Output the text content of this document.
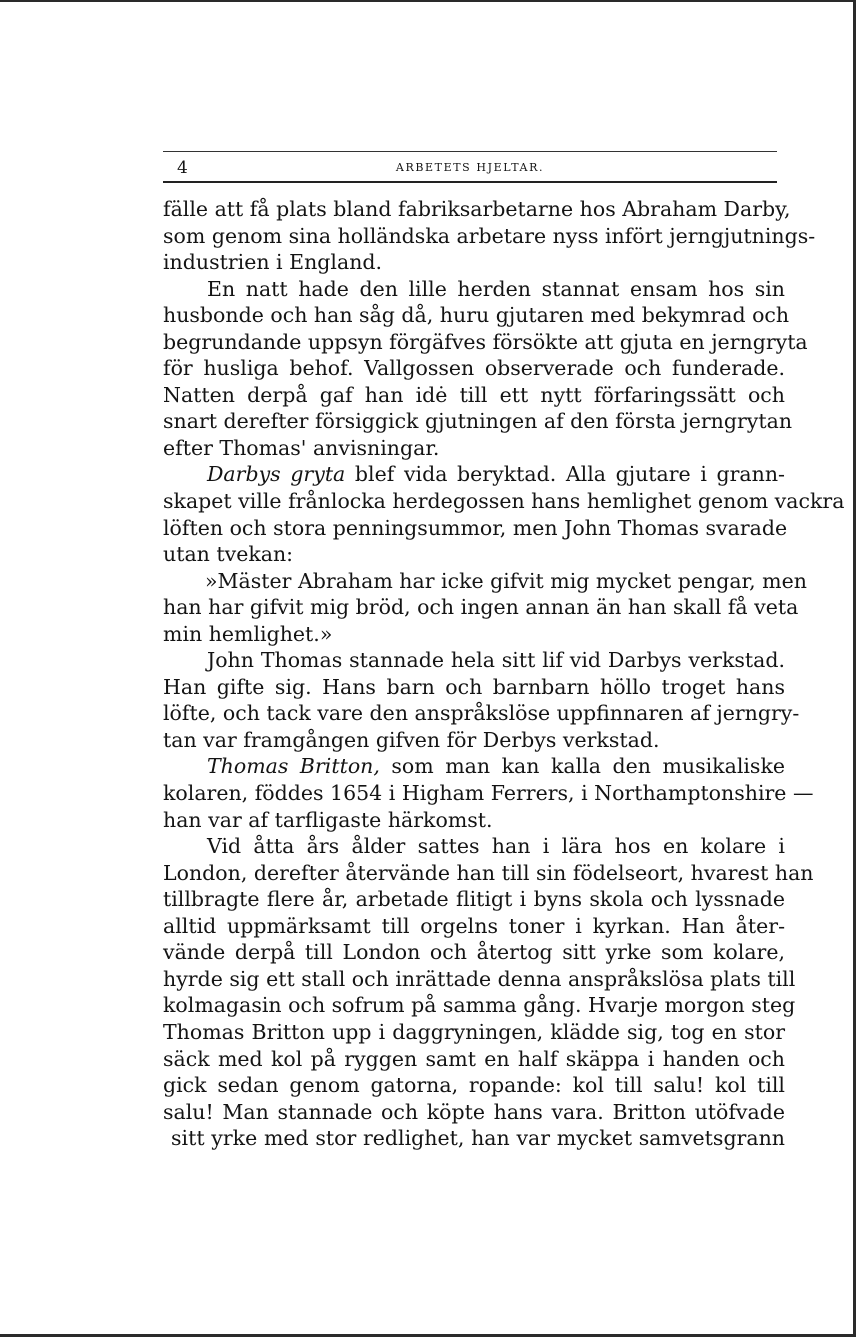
4	ARBETETS HJELTAR.
fälle att få plats bland fabriksarbetarne hos Abraham Darby,
som genom sina holländska arbetare nyss infört jerngjutnings-
industrien i England.
En natt hade den lille herden stannat ensam hos sin
husbonde och han såg då, huru gjutaren med bekymrad och
begrundande uppsyn förgäfves försökte att gjuta en jerngryta
för husliga behof. Vallgossen observerade och funderade.
Natten derpå gaf han idė till ett nytt förfaringssätt och
snart derefter försiggick gjutningen af den första jerngrytan
efter Thomas' anvisningar.
Darbys gryta blef vida beryktad. Alla gjutare i grann-
skapet ville frånlocka herdegossen hans hemlighet genom vackra
löften och stora penningsummor, men John Thomas svarade
utan tvekan:
»Mäster Abraham har icke gifvit mig mycket pengar, men
han har gifvit mig bröd, och ingen annan än han skall få veta
min hemlighet.»
John Thomas stannade hela sitt lif vid Darbys verkstad.
Han gifte sig. Hans barn och barnbarn höllo troget hans
löfte, och tack vare den anspråkslöse uppfinnaren af jerngry-
tan var framgången gifven för Derbys verkstad.
Thomas Britton, som man kan kalla den musikaliske
kolaren, föddes 1654 i Higham Ferrers, i Northamptonshire —
han var af tarfligaste härkomst.
Vid åtta års ålder sattes han i lära hos en kolare i
London, derefter återvände han till sin födelseort, hvarest han
tillbragte flere år, arbetade flitigt i byns skola och lyssnade
alltid uppmärksamt till orgelns toner i kyrkan. Han åter-
vände derpå till London och återtog sitt yrke som kolare,
hyrde sig ett stall och inrättade denna anspråkslösa plats till
kolmagasin och sofrum på samma gång. Hvarje morgon steg
Thomas Britton upp i daggryningen, klädde sig, tog en stor
säck med kol på ryggen samt en half skäppa i handen och
gick sedan genom gatorna, ropande: kol till salu! kol till
salu! Man stannade och köpte hans vara. Britton utöfvade
sitt yrke med stor redlighet, han var mycket samvetsgrann
